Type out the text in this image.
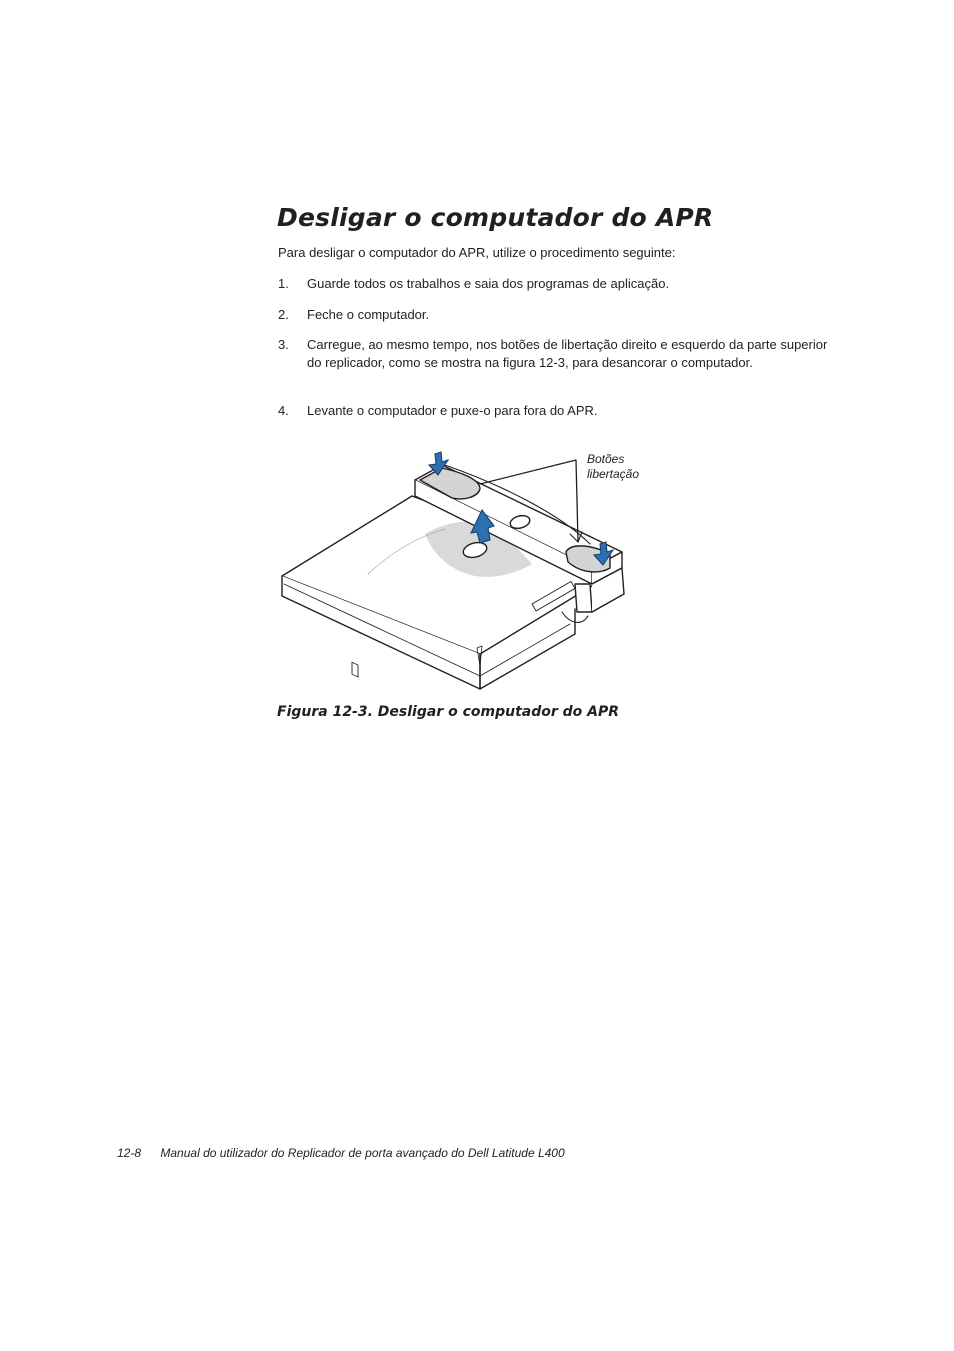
Desligar o computador do APR

Para desligar o computador do APR, utilize o procedimento seguinte:

1. Guarde todos os trabalhos e saia dos programas de aplicação.
2. Feche o computador.
3. Carregue, ao mesmo tempo, nos botões de libertação direito e esquerdo da parte superior do replicador, como se mostra na figura 12-3, para desancorar o computador.
4. Levante o computador e puxe-o para fora do APR.

Botões
libertação

Figura 12-3. Desligar o computador do APR

12-8 Manual do utilizador do Replicador de porta avançado do Dell Latitude L400
